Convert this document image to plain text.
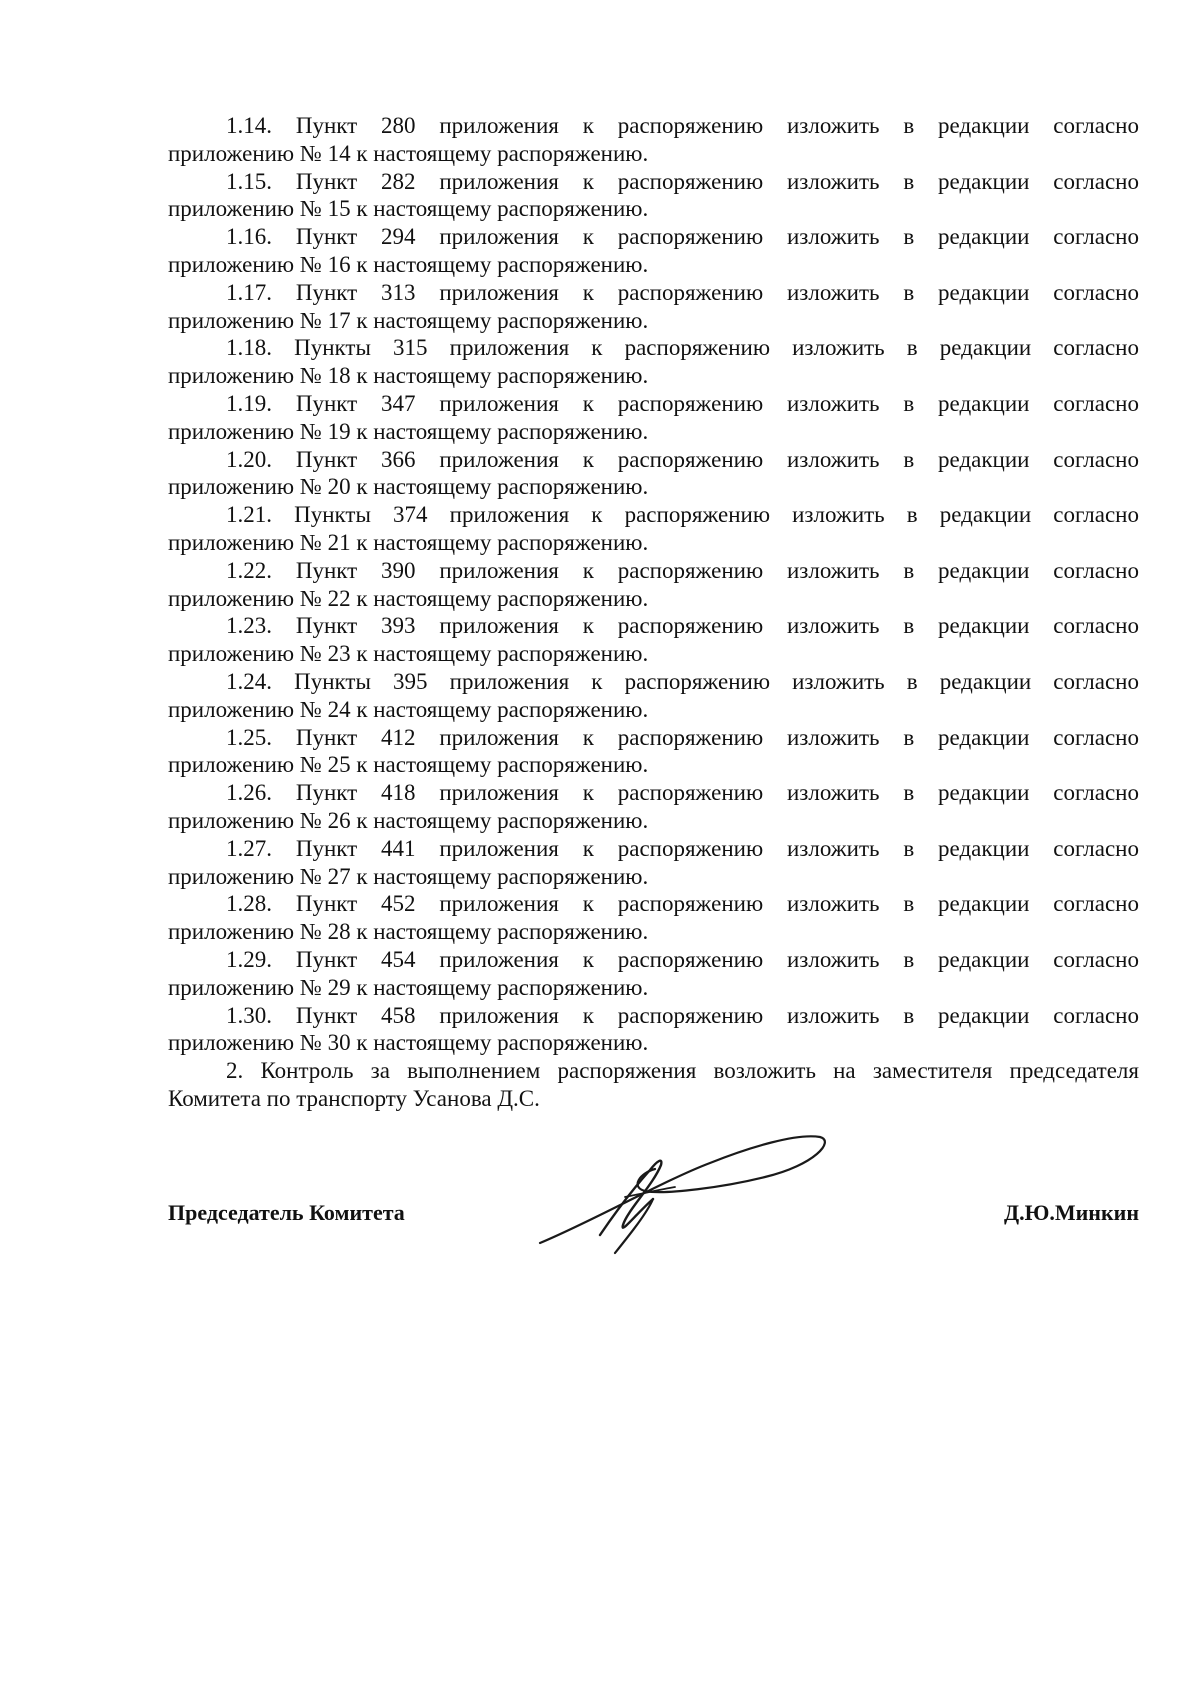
1.14. Пункт 280 приложения к распоряжению изложить в редакции согласно
приложению № 14 к настоящему распоряжению.

1.15. Пункт 282 приложения к распоряжению изложить в редакции согласно
приложению № 15 к настоящему распоряжению.

1.16. Пункт 294 приложения к распоряжению изложить в редакции согласно
приложению № 16 к настоящему распоряжению.

1.17. Пункт 313 приложения к распоряжению изложить в редакции согласно
приложению № 17 к настоящему распоряжению.

1.18. Пункты 315 приложения к распоряжению изложить в редакции согласно
приложению № 18 к настоящему распоряжению.

1.19. Пункт 347 приложения к распоряжению изложить в редакции согласно
приложению № 19 к настоящему распоряжению.

1.20. Пункт 366 приложения к распоряжению изложить в редакции согласно
приложению № 20 к настоящему распоряжению.

1.21. Пункты 374 приложения к распоряжению изложить в редакции согласно
приложению № 21 к настоящему распоряжению.

1.22. Пункт 390 приложения к распоряжению изложить в редакции согласно
приложению № 22 к настоящему распоряжению.

1.23. Пункт 393 приложения к распоряжению изложить в редакции согласно
приложению № 23 к настоящему распоряжению.

1.24. Пункты 395 приложения к распоряжению изложить в редакции согласно
приложению № 24 к настоящему распоряжению.

1.25. Пункт 412 приложения к распоряжению изложить в редакции согласно
приложению № 25 к настоящему распоряжению.

1.26. Пункт 418 приложения к распоряжению изложить в редакции согласно
приложению № 26 к настоящему распоряжению.

1.27. Пункт 441 приложения к распоряжению изложить в редакции согласно
приложению № 27 к настоящему распоряжению.

1.28. Пункт 452 приложения к распоряжению изложить в редакции согласно
приложению № 28 к настоящему распоряжению.

1.29. Пункт 454 приложения к распоряжению изложить в редакции согласно
приложению № 29 к настоящему распоряжению.

1.30. Пункт 458 приложения к распоряжению изложить в редакции согласно
приложению № 30 к настоящему распоряжению.

2. Контроль за выполнением распоряжения возложить на заместителя председателя Комитета по транспорту Усанова Д.С.

Председатель Комитета	Д.Ю.Минкин
